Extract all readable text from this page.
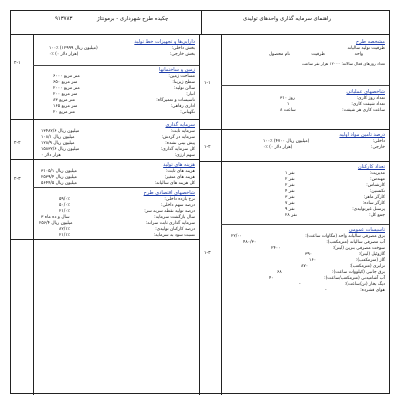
راهنمای سرمایه گذاری واحدهای تولیدی
چکیده طرح شهرداری - برمونتاژ
۹۱۳۷۸۳
۱-۱
مشخصه طرح
ظرفیت تولید سالیانه
نام محصول	ظرفیت	واحد
تعداد روزهای فعال سالانه: ۱۲۰۰۰ هزار نفر ساعت
شاخصهای عملیاتی
تعداد روز کاری:
۳۱۰ روز
تعداد شیفت کاری:
۱
ساعت کاری هر شیفت:
۸ ساعت
۱-۲
درصد تامین مواد اولیه
داخلی:
۱۰۰٪ (۴۷۰۰ میلیون ریال)
خارجی:
۰٪ (۰ هزار دلار)
۱-۳
تعداد کارکنان
مدیریت:
۱ نفر
مهندس:
۲ نفر
کارشناس:
۲ نفر
تکنسین:
۴ نفر
کارگر ماهر:
۳ نفر
کارگر ساده:
۷ نفر
پرسنل غیرتولیدی:
۹ نفر
جمع کل:
۲۸ نفر
تاسیسات عمومی
برق مصرفی سالیانه واحد (مگاوات ساعت):
۲۲/۰۰
آب مصرفی سالیانه (مترمکعب):
۴۸۰/۳۰
سوخت مصرفی بنزین (لیتر):
۲۴۰۰
گازوئیل (لیتر):
۳۹۰
گاز (مترمکعب):
۱۶۰
ترابری (مترمکعب):
۸۷۰
برق جانبی (کیلووات ساعت):
۶۸
آب آشامیدنی (مترمکعب/ساعت):
۴۰
دیگ بخار (تن/ساعت):
-
هوای فشرده:
-
۲-۱
دارایی‌ها و تجهیزات خط تولید
بخش داخلی:
۱۰۰٪ (۱۲۹۹۹ میلیون ریال)
بخش خارجی:
۰٪ (۰ هزار دلار)
زمین و ساختمانها
مساحت زمین:
۶۰۰۰ متر مربع
سطح زیربنا:
۶۵۰ متر مربع
سالن تولید:
۲۰۰۰ متر مربع
انبار:
۲۰۰ متر مربع
تاسیسات و تعمیرگاه:
۸۳ متر مربع
اداری رفاهی:
۱۶۵ متر مربع
نگهبانی:
۲۰ متر مربع
۲-۲
سرمایه گذاری
سرمایه ثابت:
۱۳۴۸۲/۶ میلیون ریال
سرمایه در گردش:
۱۰۸/۱ میلیون ریال
پیش بینی نشده:
۱۲۸/۹ میلیون ریال
کل سرمایه گذاری:
۱۵۸۳۲/۶ میلیون ریال
سهم ارزی:
۰ هزار دلار
۲-۳
هزینه های تولید
هزینه های ثابت:
۳۱۰۵/۱ میلیون ریال
هزینه های متغیر:
۲۵۳۹/۴ میلیون ریال
کل هزینه های سالیانه:
۵۶۴۴/۵ میلیون ریال
شاخصهای اقتصادی طرح
نرخ بازده داخلی:
۵۹/۰٪
درصد سهم داخلی:
۵۰/۰٪
درصد تولید نقطه سربه سر:
۲۱/۰٪
سال بازگشت سرمایه:
۳ سال و ده ماه
سرمایه گذاری ثابت سرانه:
۲۵۶/۴ میلیون ریال
درصد کارکنان تولیدی:
۸۲/۱٪
نسبت سود به سرمایه:
۲۱/۱٪
